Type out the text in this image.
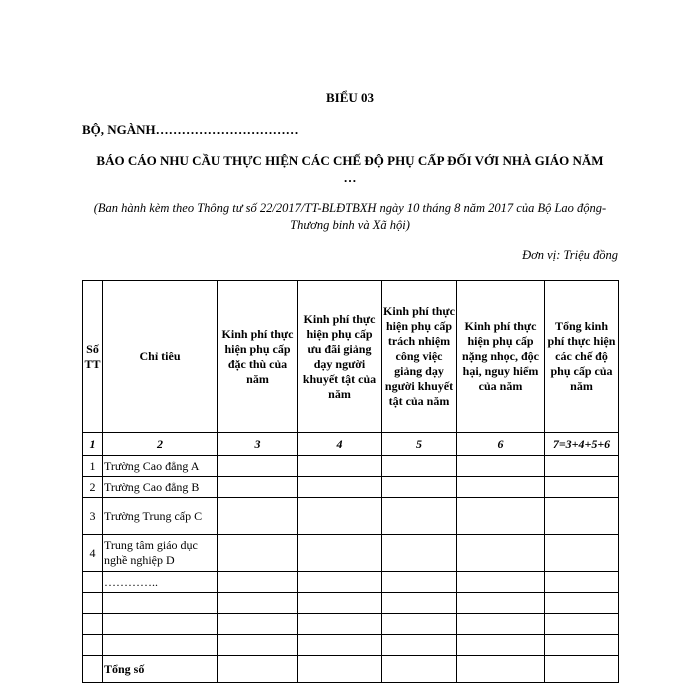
BIỂU 03
BỘ, NGÀNH……………………………
BÁO CÁO NHU CẦU THỰC HIỆN CÁC CHẾ ĐỘ PHỤ CẤP ĐỐI VỚI NHÀ GIÁO NĂM …
(Ban hành kèm theo Thông tư số 22/2017/TT-BLĐTBXH ngày 10 tháng 8 năm 2017 của Bộ Lao động- Thương binh và Xã hội)
Đơn vị: Triệu đồng
Số TT	Chỉ tiêu	Kinh phí thực hiện phụ cấp đặc thù của năm	Kinh phí thực hiện phụ cấp ưu đãi giảng dạy người khuyết tật của năm	Kinh phí thực hiện phụ cấp trách nhiệm công việc giảng dạy người khuyết tật của năm	Kinh phí thực hiện phụ cấp nặng nhọc, độc hại, nguy hiểm của năm	Tổng kinh phí thực hiện các chế độ phụ cấp của năm
1	2	3	4	5	6	7=3+4+5+6
1	Trường Cao đẳng A					
2	Trường Cao đẳng B					
3	Trường Trung cấp C					
4	Trung tâm giáo dục nghề nghiệp D					
	…………..					

	Tổng số					
